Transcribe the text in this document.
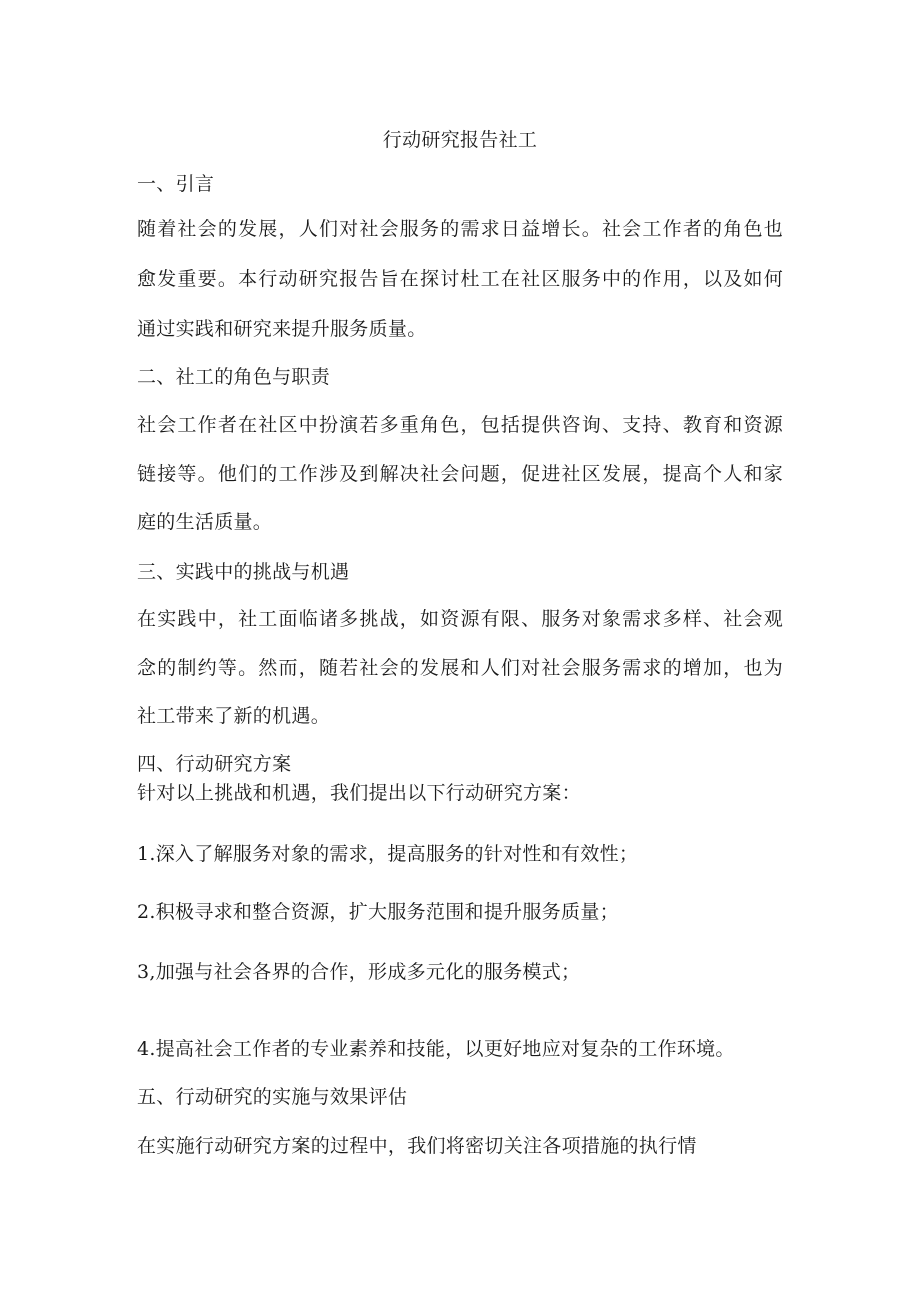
行动研究报告社工
一、引言
随着社会的发展，人们对社会服务的需求日益增长。社会工作者的角色也
愈发重要。本行动研究报告旨在探讨杜工在社区服务中的作用，以及如何
通过实践和研究来提升服务质量。
二、社工的角色与职责
社会工作者在社区中扮演若多重角色，包括提供咨询、支持、教育和资源
链接等。他们的工作涉及到解决社会问题，促进社区发展，提高个人和家
庭的生活质量。
三、实践中的挑战与机遇
在实践中，社工面临诸多挑战，如资源有限、服务对象需求多样、社会观
念的制约等。然而，随若社会的发展和人们对社会服务需求的增加，也为
社工带来了新的机遇。
四、行动研究方案
针对以上挑战和机遇，我们提出以下行动研究方案：
1.深入了解服务对象的需求，提高服务的针对性和有效性；
2.积极寻求和整合资源，扩大服务范围和提升服务质量；
3,加强与社会各界的合作，形成多元化的服务模式；
4.提高社会工作者的专业素养和技能，以更好地应对复杂的工作环境。
五、行动研究的实施与效果评估
在实施行动研究方案的过程中，我们将密切关注各项措施的执行情
